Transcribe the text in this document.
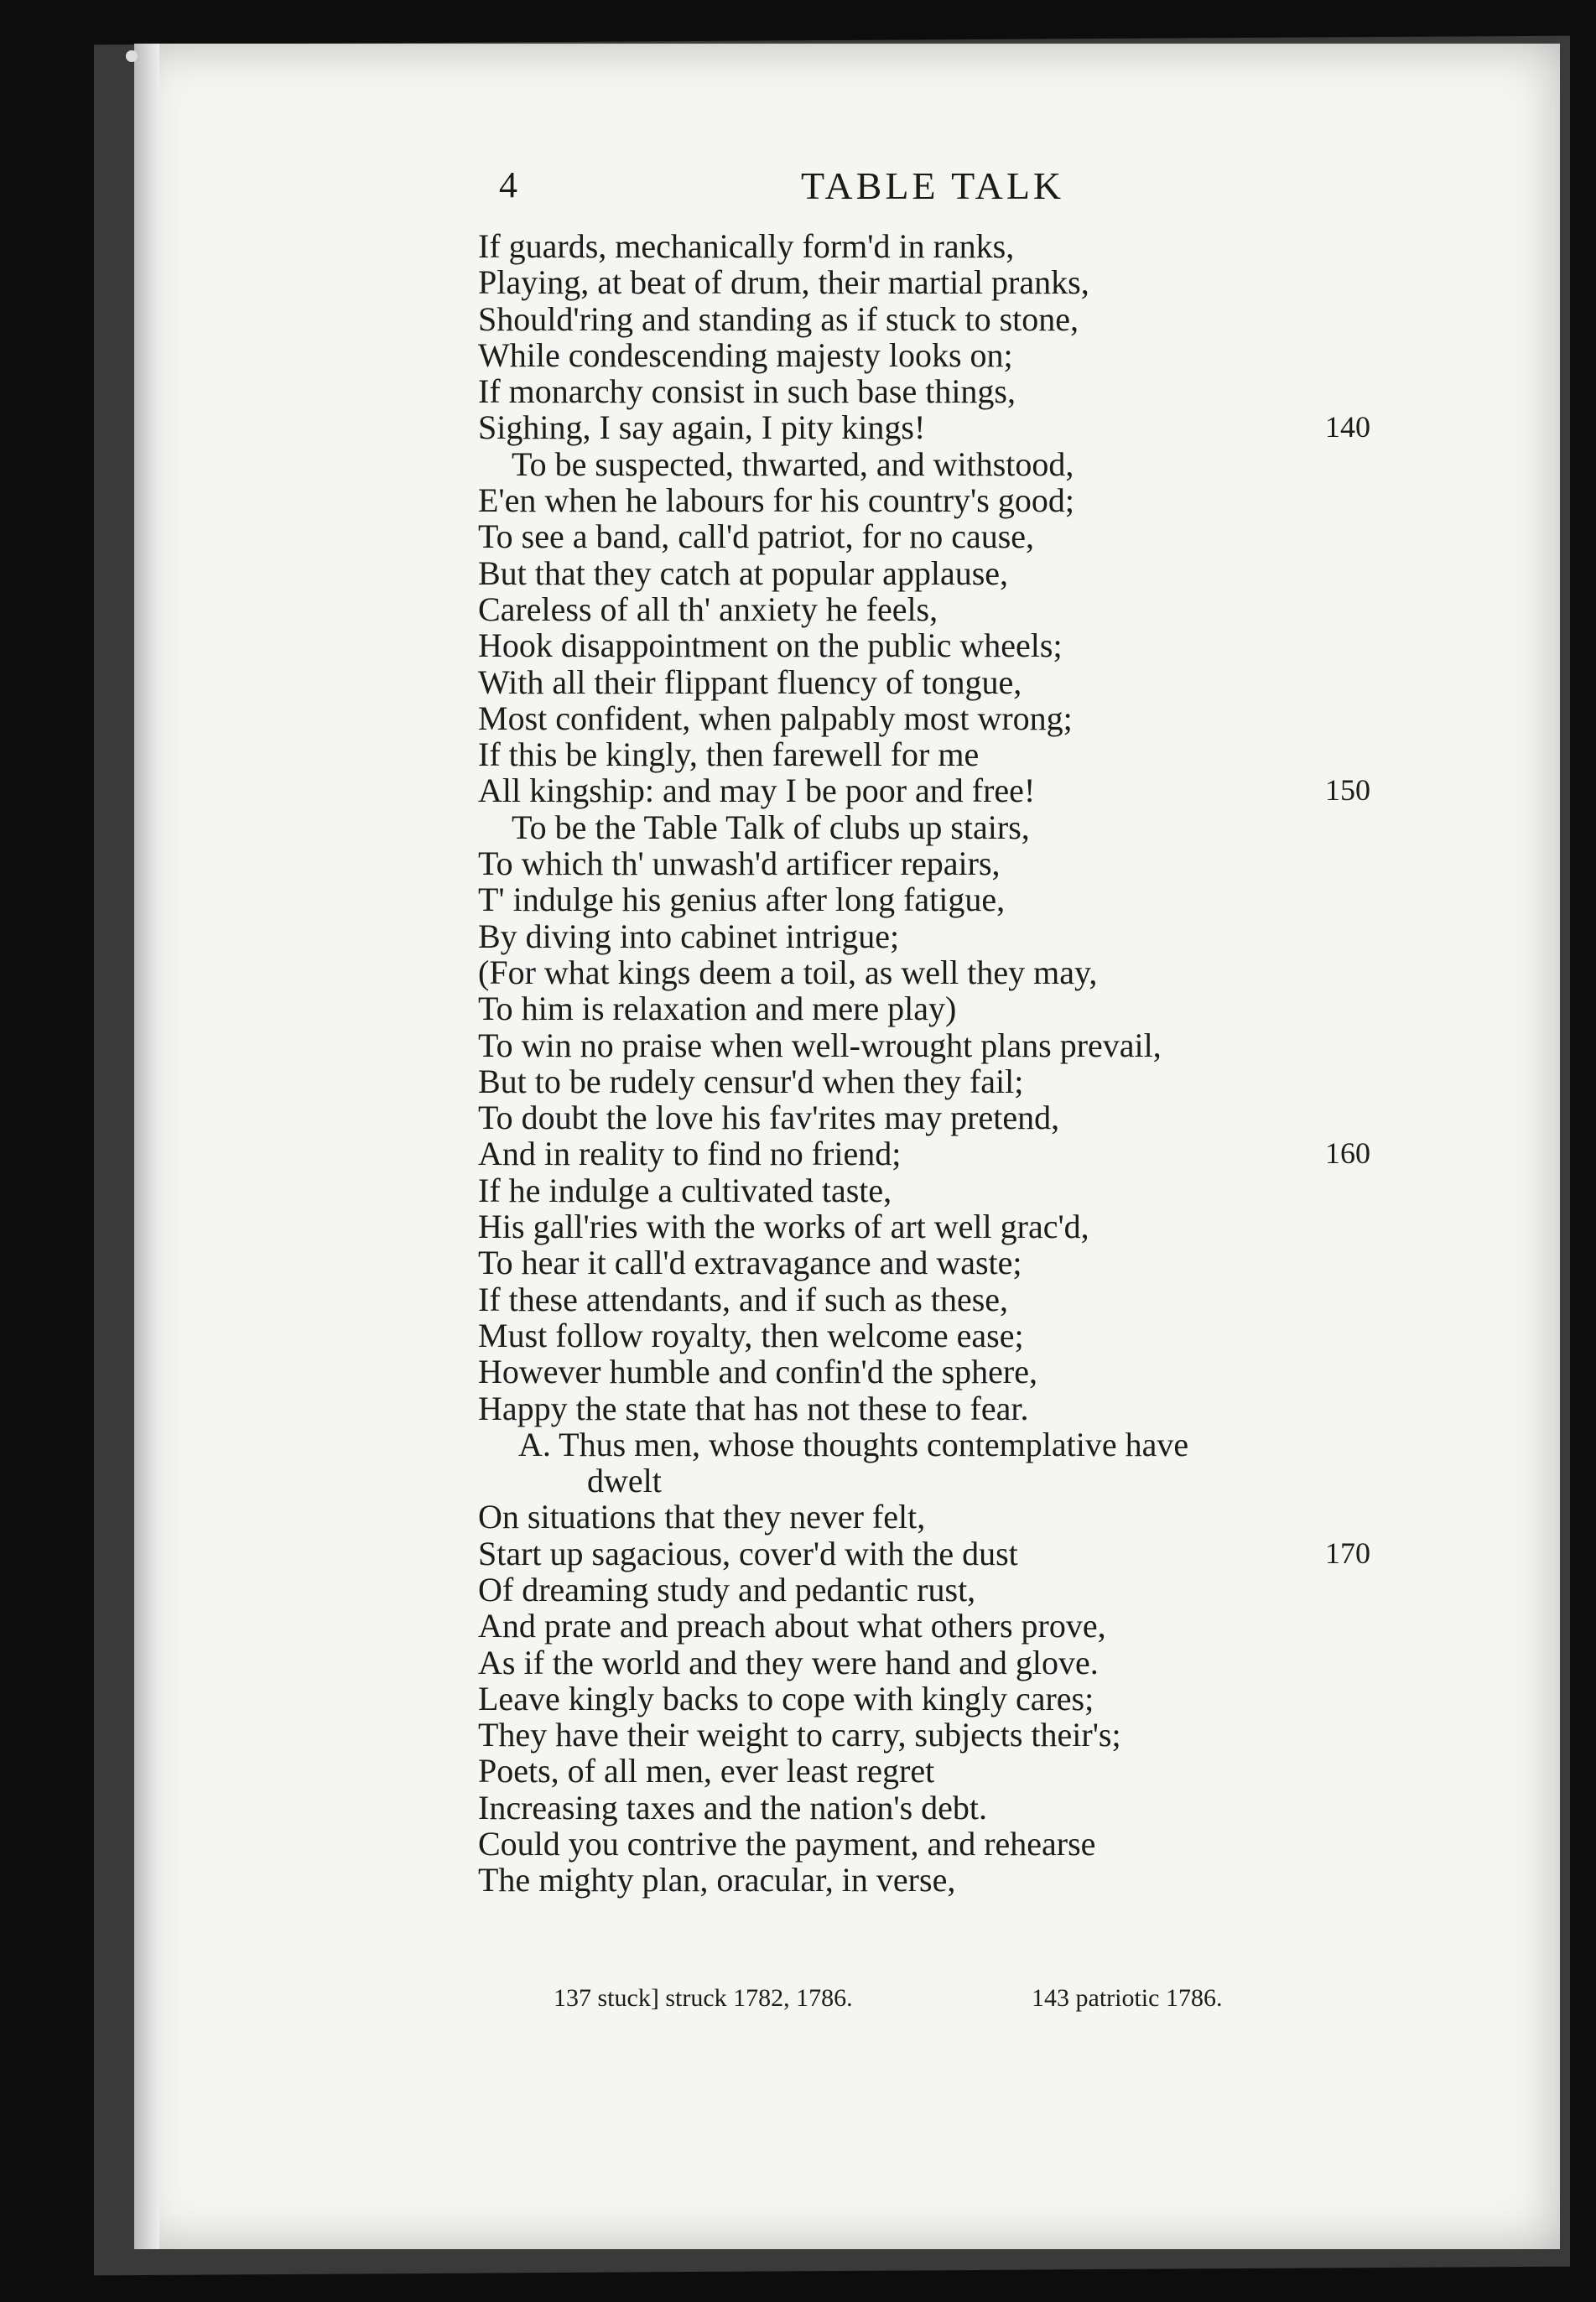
4	TABLE TALK
If guards, mechanically form'd in ranks,
Playing, at beat of drum, their martial pranks,
Should'ring and standing as if stuck to stone,
While condescending majesty looks on;
If monarchy consist in such base things,
Sighing, I say again, I pity kings!	140
To be suspected, thwarted, and withstood,
E'en when he labours for his country's good;
To see a band, call'd patriot, for no cause,
But that they catch at popular applause,
Careless of all th' anxiety he feels,
Hook disappointment on the public wheels;
With all their flippant fluency of tongue,
Most confident, when palpably most wrong;
If this be kingly, then farewell for me
All kingship: and may I be poor and free!	150
To be the Table Talk of clubs up stairs,
To which th' unwash'd artificer repairs,
T' indulge his genius after long fatigue,
By diving into cabinet intrigue;
(For what kings deem a toil, as well they may,
To him is relaxation and mere play)
To win no praise when well-wrought plans prevail,
But to be rudely censur'd when they fail;
To doubt the love his fav'rites may pretend,
And in reality to find no friend;	160
If he indulge a cultivated taste,
His gall'ries with the works of art well grac'd,
To hear it call'd extravagance and waste;
If these attendants, and if such as these,
Must follow royalty, then welcome ease;
However humble and confin'd the sphere,
Happy the state that has not these to fear.
A. Thus men, whose thoughts contemplative have
dwelt
On situations that they never felt,
Start up sagacious, cover'd with the dust	170
Of dreaming study and pedantic rust,
And prate and preach about what others prove,
As if the world and they were hand and glove.
Leave kingly backs to cope with kingly cares;
They have their weight to carry, subjects their's;
Poets, of all men, ever least regret
Increasing taxes and the nation's debt.
Could you contrive the payment, and rehearse
The mighty plan, oracular, in verse,
137 stuck] struck 1782, 1786.	143 patriotic 1786.
